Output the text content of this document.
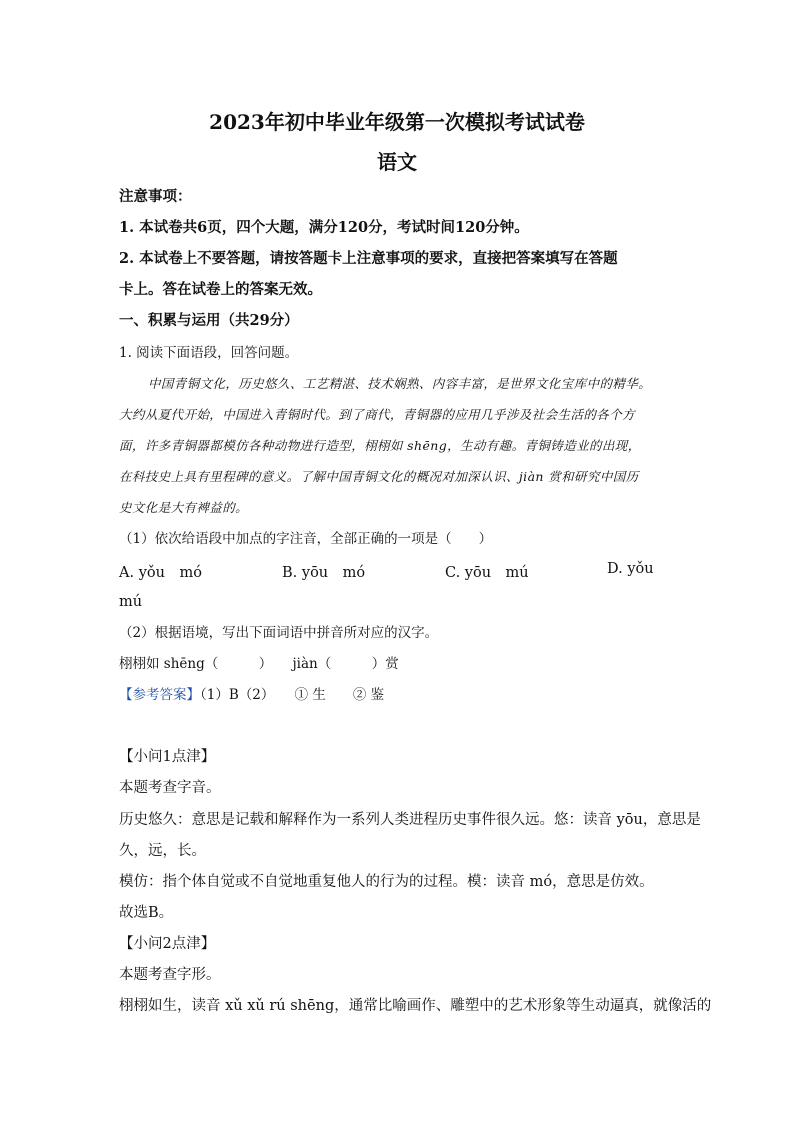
2023年初中毕业年级第一次模拟考试试卷
语文
注意事项：
1. 本试卷共6页，四个大题，满分120分，考试时间120分钟。
2. 本试卷上不要答题，请按答题卡上注意事项的要求，直接把答案填写在答题
卡上。答在试卷上的答案无效。
一、积累与运用（共29分）
1. 阅读下面语段，回答问题。
中国青铜文化，历史悠久、工艺精湛、技术娴熟、内容丰富，是世界文化宝库中的精华。
大约从夏代开始，中国进入青铜时代。到了商代，青铜器的应用几乎涉及社会生活的各个方
面，许多青铜器都模仿各种动物进行造型，栩栩如 shēng，生动有趣。青铜铸造业的出现，
在科技史上具有里程碑的意义。了解中国青铜文化的概况对加深认识、jiàn 赏和研究中国历
史文化是大有裨益的。
（1）依次给语段中加点的字注音，全部正确的一项是（　　）
A. yǒu　mó	B. yōu　mó	C. yōu　mú	D. yǒu
mú
（2）根据语境，写出下面词语中拼音所对应的汉字。
栩栩如 shēng（　　　）　　jiàn（　　　）赏
【参考答案】（1）B（2）　　① 生　　② 鉴
【小问1点津】
本题考查字音。
历史悠久：意思是记载和解释作为一系列人类进程历史事件很久远。悠：读音 yōu，意思是
久，远，长。
模仿：指个体自觉或不自觉地重复他人的行为的过程。模：读音 mó，意思是仿效。
故选B。
【小问2点津】
本题考查字形。
栩栩如生，读音 xǔ xǔ rú shēng，通常比喻画作、雕塑中的艺术形象等生动逼真，就像活的
